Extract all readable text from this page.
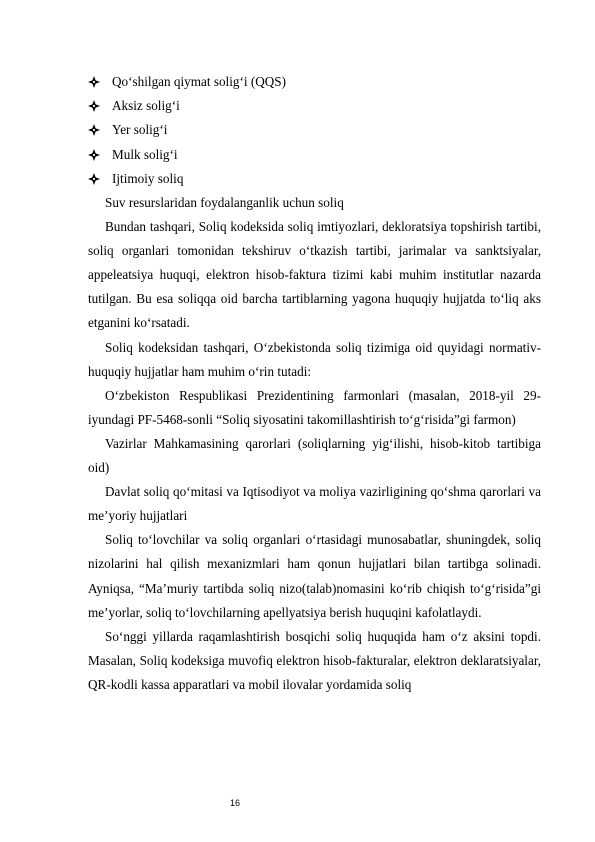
Qo‘shilgan qiymat solig‘i (QQS)
Aksiz solig‘i
Yer solig‘i
Mulk solig‘i
Ijtimoiy soliq

Suv resurslaridan foydalanganlik uchun soliq

Bundan tashqari, Soliq kodeksida soliq imtiyozlari, dekloratsiya topshirish tartibi, soliq organlari tomonidan tekshiruv o‘tkazish tartibi, jarimalar va sanktsiyalar, appeleatsiya huquqi, elektron hisob-faktura tizimi kabi muhim institutlar nazarda tutilgan. Bu esa soliqqa oid barcha tartiblarning yagona huquqiy hujjatda to‘liq aks etganini ko‘rsatadi.

Soliq kodeksidan tashqari, O‘zbekistonda soliq tizimiga oid quyidagi normativ-huquqiy hujjatlar ham muhim o‘rin tutadi:

O‘zbekiston Respublikasi Prezidentining farmonlari (masalan, 2018-yil 29-iyundagi PF-5468-sonli “Soliq siyosatini takomillashtirish to‘g‘risida”gi farmon)

Vazirlar Mahkamasining qarorlari (soliqlarning yig‘ilishi, hisob-kitob tartibiga oid)

Davlat soliq qo‘mitasi va Iqtisodiyot va moliya vazirligining qo‘shma qarorlari va me’yoriy hujjatlari

Soliq to‘lovchilar va soliq organlari o‘rtasidagi munosabatlar, shuningdek, soliq nizolarini hal qilish mexanizmlari ham qonun hujjatlari bilan tartibga solinadi. Ayniqsa, “Ma’muriy tartibda soliq nizo(talab)nomasini ko‘rib chiqish to‘g‘risida”gi me’yorlar, soliq to‘lovchilarning apellyatsiya berish huquqini kafolatlaydi.

So‘nggi yillarda raqamlashtirish bosqichi soliq huquqida ham o‘z aksini topdi. Masalan, Soliq kodeksiga muvofiq elektron hisob-fakturalar, elektron deklaratsiyalar, QR-kodli kassa apparatlari va mobil ilovalar yordamida soliq

16
